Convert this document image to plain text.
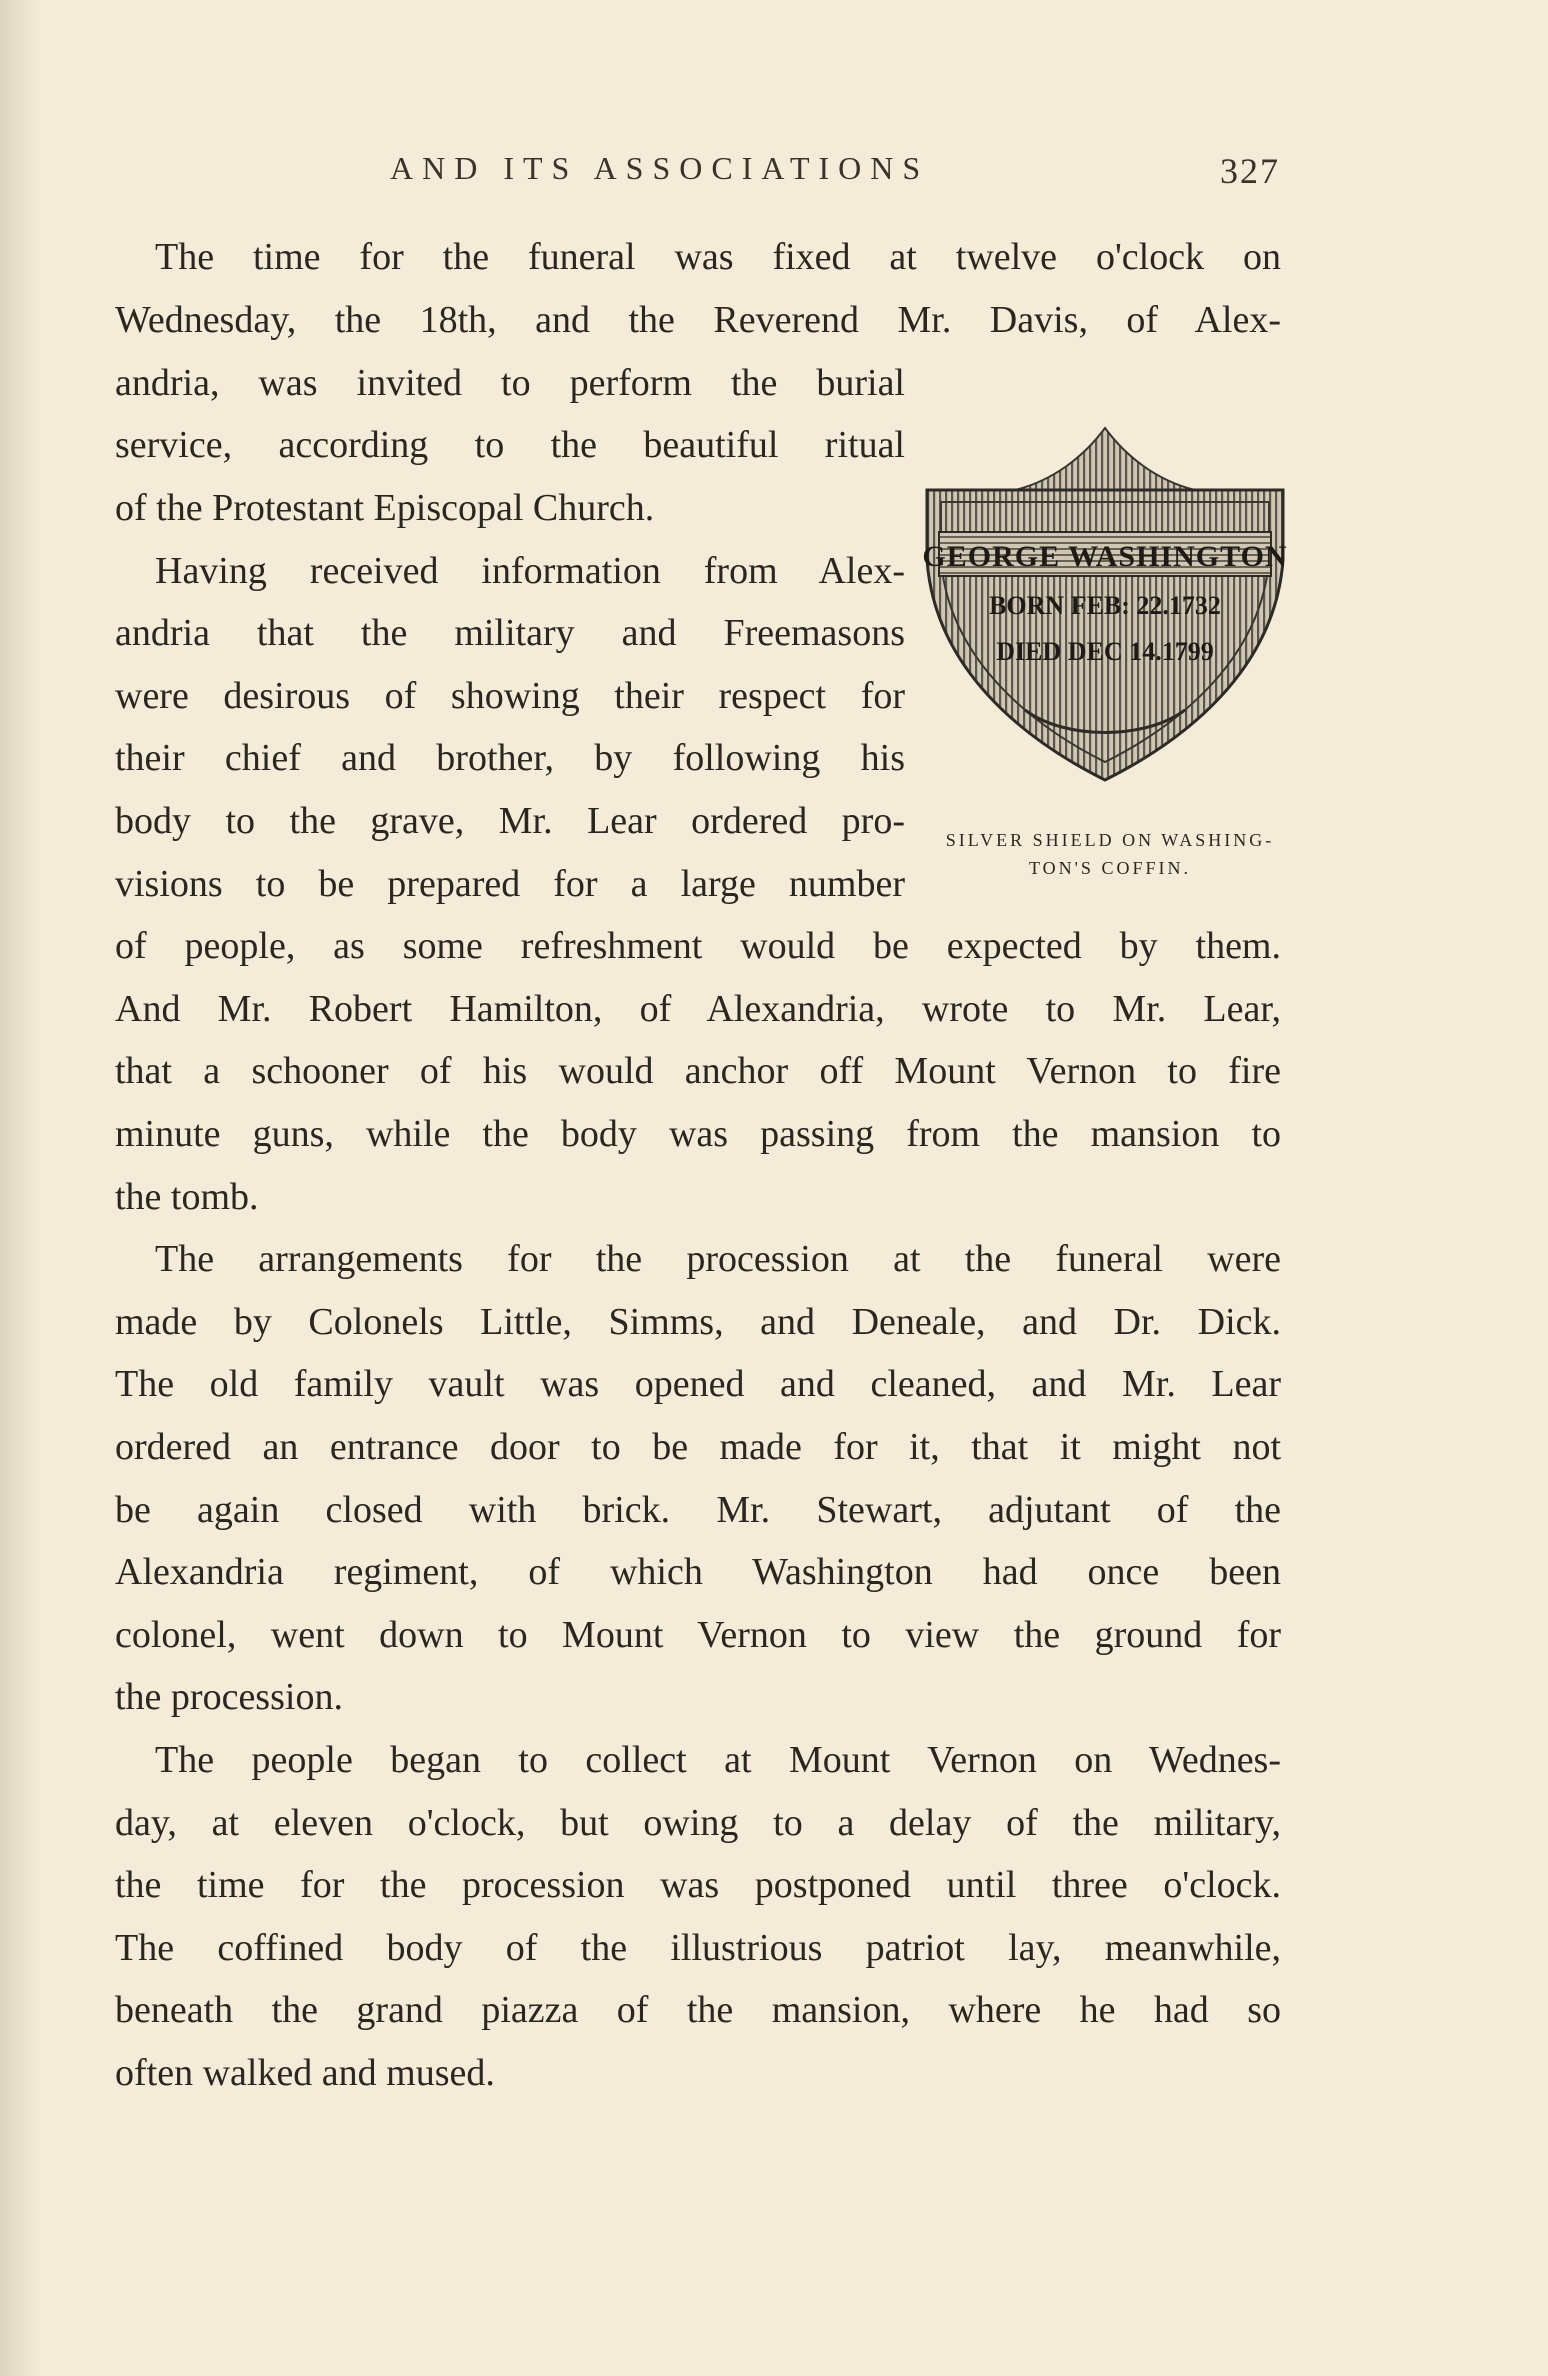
AND ITS ASSOCIATIONS	327
The time for the funeral was fixed at twelve o'clock on
Wednesday, the 18th, and the Reverend Mr. Davis, of Alex-
andria, was invited to perform the burial
service, according to the beautiful ritual
of the Protestant Episcopal Church.
Having received information from Alex-
andria that the military and Freemasons
were desirous of showing their respect for
their chief and brother, by following his
body to the grave, Mr. Lear ordered pro-
visions to be prepared for a large number
of people, as some refreshment would be expected by them.
And Mr. Robert Hamilton, of Alexandria, wrote to Mr. Lear,
that a schooner of his would anchor off Mount Vernon to fire
minute guns, while the body was passing from the mansion to
the tomb.
The arrangements for the procession at the funeral were
made by Colonels Little, Simms, and Deneale, and Dr. Dick.
The old family vault was opened and cleaned, and Mr. Lear
ordered an entrance door to be made for it, that it might not
be again closed with brick. Mr. Stewart, adjutant of the
Alexandria regiment, of which Washington had once been
colonel, went down to Mount Vernon to view the ground for
the procession.
The people began to collect at Mount Vernon on Wednes-
day, at eleven o'clock, but owing to a delay of the military,
the time for the procession was postponed until three o'clock.
The coffined body of the illustrious patriot lay, meanwhile,
beneath the grand piazza of the mansion, where he had so
often walked and mused.
GEORGE WASHINGTON
BORN FEB: 22.1732
DIED DEC 14.1799
SILVER SHIELD ON WASHING-TON'S COFFIN.
